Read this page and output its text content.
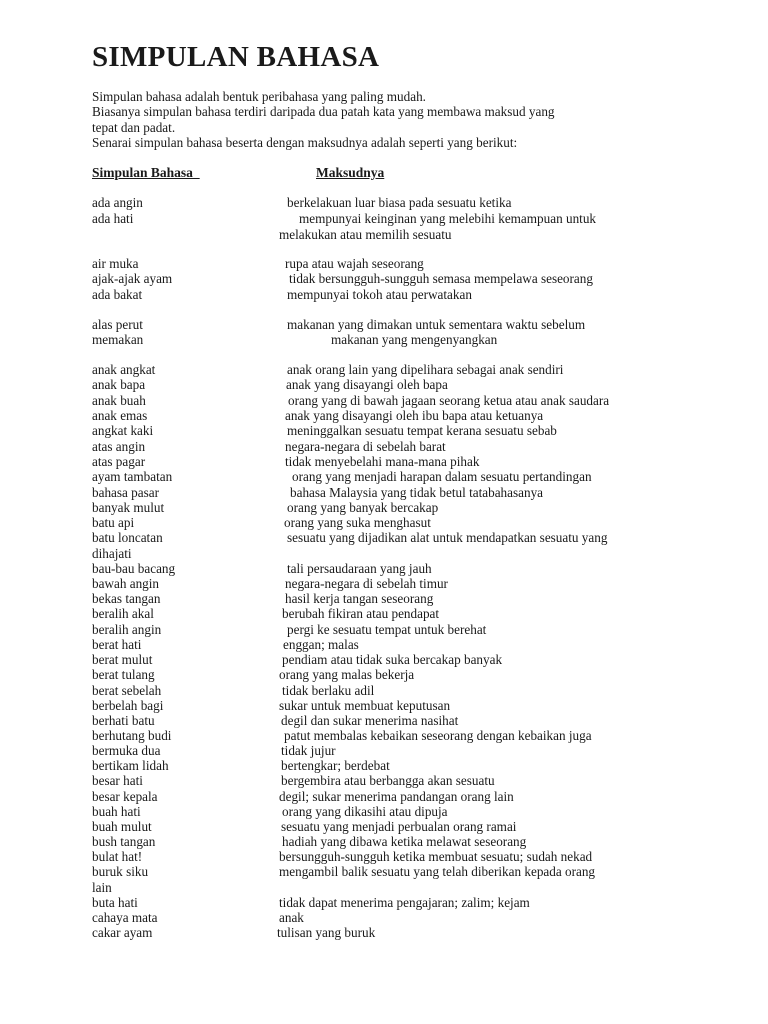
SIMPULAN BAHASA
Simpulan bahasa adalah bentuk peribahasa yang paling mudah.
Biasanya simpulan bahasa terdiri daripada dua patah kata yang membawa maksud yang
tepat dan padat.
Senarai simpulan bahasa beserta dengan maksudnya adalah seperti yang berikut:
Simpulan Bahasa	Maksudnya
ada angin	berkelakuan luar biasa pada sesuatu ketika
ada hati	mempunyai keinginan yang melebihi kemampuan untuk
melakukan atau memilih sesuatu
air muka	rupa atau wajah seseorang
ajak-ajak ayam	tidak bersungguh-sungguh semasa mempelawa seseorang
ada bakat	mempunyai tokoh atau perwatakan
alas perut	makanan yang dimakan untuk sementara waktu sebelum
memakan	makanan yang mengenyangkan
anak angkat	anak orang lain yang dipelihara sebagai anak sendiri
anak bapa	anak yang disayangi oleh bapa
anak buah	orang yang di bawah jagaan seorang ketua atau anak saudara
anak emas	anak yang disayangi oleh ibu bapa atau ketuanya
angkat kaki	meninggalkan sesuatu tempat kerana sesuatu sebab
atas angin	negara-negara di sebelah barat
atas pagar	tidak menyebelahi mana-mana pihak
ayam tambatan	orang yang menjadi harapan dalam sesuatu pertandingan
bahasa pasar	bahasa Malaysia yang tidak betul tatabahasanya
banyak mulut	orang yang banyak bercakap
batu api	orang yang suka menghasut
batu loncatan	sesuatu yang dijadikan alat untuk mendapatkan sesuatu yang
dihajati
bau-bau bacang	tali persaudaraan yang jauh
bawah angin	negara-negara di sebelah timur
bekas tangan	hasil kerja tangan seseorang
beralih akal	berubah fikiran atau pendapat
beralih angin	pergi ke sesuatu tempat untuk berehat
berat hati	enggan; malas
berat mulut	pendiam atau tidak suka bercakap banyak
berat tulang	orang yang malas bekerja
berat sebelah	tidak berlaku adil
berbelah bagi	sukar untuk membuat keputusan
berhati batu	degil dan sukar menerima nasihat
berhutang budi	patut membalas kebaikan seseorang dengan kebaikan juga
bermuka dua	tidak jujur
bertikam lidah	bertengkar; berdebat
besar hati	bergembira atau berbangga akan sesuatu
besar kepala	degil; sukar menerima pandangan orang lain
buah hati	orang yang dikasihi atau dipuja
buah mulut	sesuatu yang menjadi perbualan orang ramai
bush tangan	hadiah yang dibawa ketika melawat seseorang
bulat hat!	bersungguh-sungguh ketika membuat sesuatu; sudah nekad
buruk siku	mengambil balik sesuatu yang telah diberikan kepada orang
lain
buta hati	tidak dapat menerima pengajaran; zalim; kejam
cahaya mata	anak
cakar ayam	tulisan yang buruk
